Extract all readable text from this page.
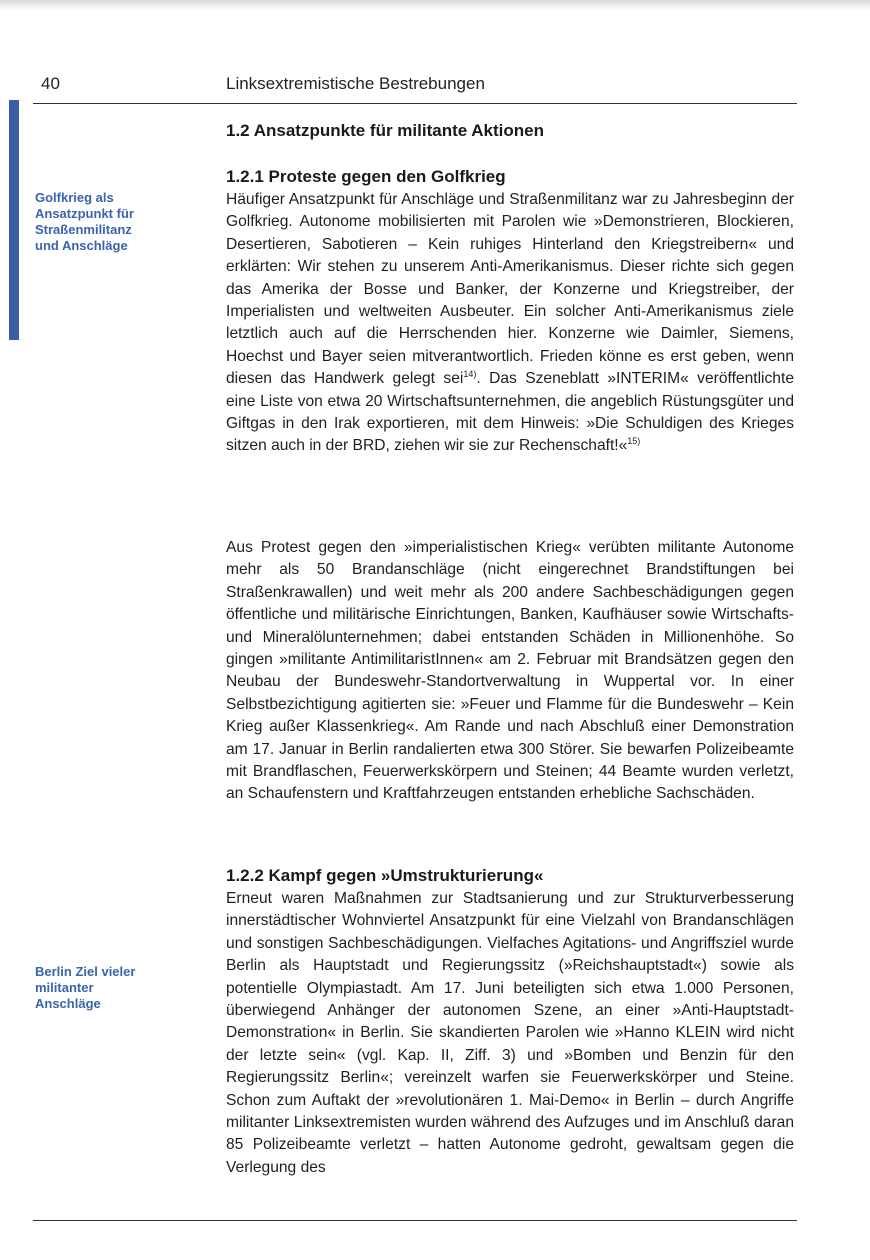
40	Linksextremistische Bestrebungen
1.2 Ansatzpunkte für militante Aktionen
Golfkrieg als
Ansatzpunkt für
Straßenmilitanz
und Anschläge
Berlin Ziel vieler
militanter
Anschläge
1.2.1 Proteste gegen den Golfkrieg

Häufiger Ansatzpunkt für Anschläge und Straßenmilitanz war zu Jahresbeginn der Golfkrieg. Autonome mobilisierten mit Parolen wie »Demonstrieren, Blockieren, Desertieren, Sabotieren – Kein ruhiges Hinterland den Kriegstreibern« und erklärten: Wir stehen zu unserem Anti-Amerikanismus. Dieser richte sich gegen das Amerika der Bosse und Banker, der Konzerne und Kriegstreiber, der Imperialisten und weltweiten Ausbeuter. Ein solcher Anti-Amerikanismus ziele letztlich auch auf die Herrschenden hier. Konzerne wie Daimler, Siemens, Hoechst und Bayer seien mitverantwortlich. Frieden könne es erst geben, wenn diesen das Handwerk gelegt sei$^{14)}$. Das Szeneblatt »INTERIM« veröffentlichte eine Liste von etwa 20 Wirtschaftsunternehmen, die angeblich Rüstungsgüter und Giftgas in den Irak exportieren, mit dem Hinweis: »Die Schuldigen des Krieges sitzen auch in der BRD, ziehen wir sie zur Rechenschaft!«$^{15)}$

Aus Protest gegen den »imperialistischen Krieg« verübten militante Autonome mehr als 50 Brandanschläge (nicht eingerechnet Brandstiftungen bei Straßenkrawallen) und weit mehr als 200 andere Sachbeschädigungen gegen öffentliche und militärische Einrichtungen, Banken, Kaufhäuser sowie Wirtschafts- und Mineralölunternehmen; dabei entstanden Schäden in Millionenhöhe. So gingen »militante AntimilitaristInnen« am 2. Februar mit Brandsätzen gegen den Neubau der Bundeswehr-Standortverwaltung in Wuppertal vor. In einer Selbstbezichtigung agitierten sie: »Feuer und Flamme für die Bundeswehr – Kein Krieg außer Klassenkrieg«. Am Rande und nach Abschluß einer Demonstration am 17. Januar in Berlin randalierten etwa 300 Störer. Sie bewarfen Polizeibeamte mit Brandflaschen, Feuerwerkskörpern und Steinen; 44 Beamte wurden verletzt, an Schaufenstern und Kraftfahrzeugen entstanden erhebliche Sachschäden.

1.2.2 Kampf gegen »Umstrukturierung«

Erneut waren Maßnahmen zur Stadtsanierung und zur Strukturverbesserung innerstädtischer Wohnviertel Ansatzpunkt für eine Vielzahl von Brandanschlägen und sonstigen Sachbeschädigungen. Vielfaches Agitations- und Angriffsziel wurde Berlin als Hauptstadt und Regierungssitz (»Reichshauptstadt«) sowie als potentielle Olympiastadt. Am 17. Juni beteiligten sich etwa 1.000 Personen, überwiegend Anhänger der autonomen Szene, an einer »Anti-Hauptstadt-Demonstration« in Berlin. Sie skandierten Parolen wie »Hanno KLEIN wird nicht der letzte sein« (vgl. Kap. II, Ziff. 3) und »Bomben und Benzin für den Regierungssitz Berlin«; vereinzelt warfen sie Feuerwerkskörper und Steine. Schon zum Auftakt der »revolutionären 1. Mai-Demo« in Berlin – durch Angriffe militanter Linksextremisten wurden während des Aufzuges und im Anschluß daran 85 Polizeibeamte verletzt – hatten Autonome gedroht, gewaltsam gegen die Verlegung des
